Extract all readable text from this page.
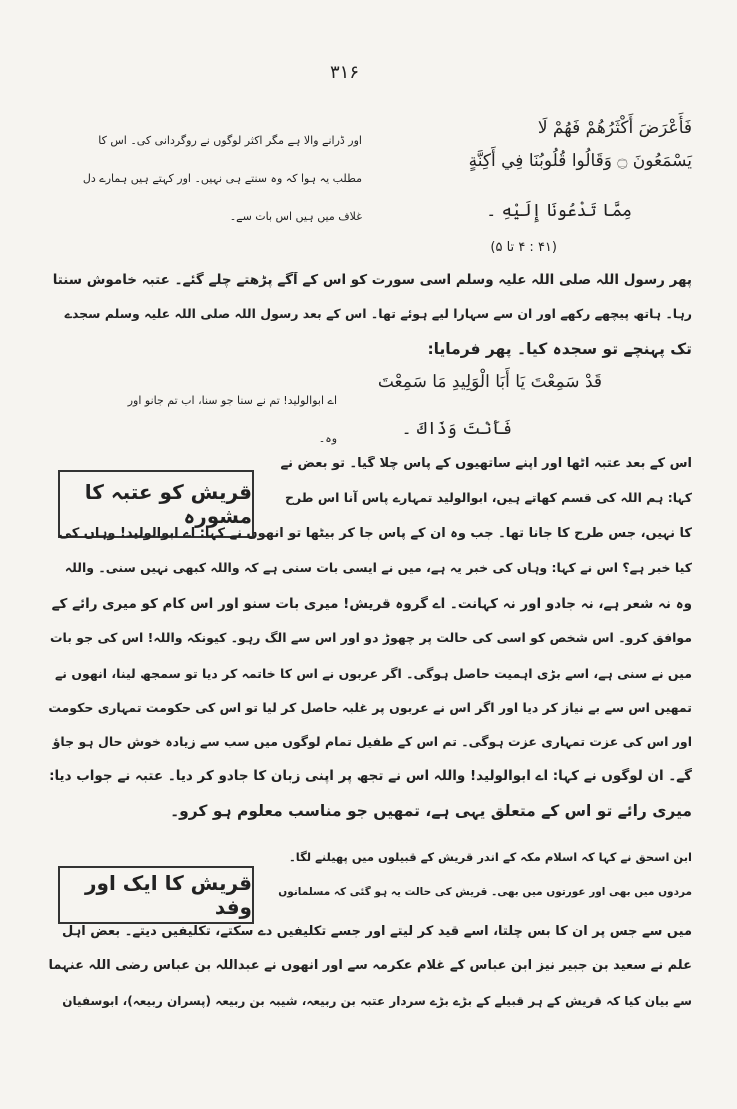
۳۱۶
فَأَعْرَضَ أَكْثَرُهُمْ فَهُمْ لَا
يَسْمَعُونَ ۝ وَقَالُوا قُلُوبُنَا فِي أَكِنَّةٍ
مِمَّا تَدْعُونَا إِلَيْهِ ۔
(۴۱ : ۴ تا ۵)
اور ڈرانے والا ہے مگر اکثر لوگوں نے روگردانی کی۔ اس کا مطلب یہ ہوا کہ وہ سنتے ہی نہیں۔ اور کہتے ہیں ہمارے دل غلاف میں ہیں اس بات سے۔
پھر رسول اللہ صلی اللہ علیہ وسلم اسی سورت کو اس کے آگے پڑھتے چلے گئے۔ عتبہ خاموش سنتا
رہا۔ ہاتھ پیچھے رکھے اور ان سے سہارا لیے ہوئے تھا۔ اس کے بعد رسول اللہ صلی اللہ علیہ وسلم سجدے
تک پہنچے تو سجدہ کیا۔ پھر فرمایا:
قَدْ سَمِعْتَ يَا أَبَا الْوَلِيدِ مَا سَمِعْتَ
فَأَنْتَ وَذَاكَ ۔
اے ابوالولید! تم نے سنا جو سنا، اب تم جانو اور وہ۔
قریش کو عتبہ کا مشورہ
اس کے بعد عتبہ اٹھا اور اپنے ساتھیوں کے پاس چلا گیا۔ تو بعض نے
کہا: ہم اللہ کی قسم کھاتے ہیں، ابوالولید تمہارے پاس آنا اس طرح
کا نہیں، جس طرح کا جانا تھا۔ جب وہ ان کے پاس جا کر بیٹھا تو انھوں نے کہا: اے ابوالولید! وہاں کی
کیا خبر ہے؟ اس نے کہا: وہاں کی خبر یہ ہے، میں نے ایسی بات سنی ہے کہ واللہ کبھی نہیں سنی۔ واللہ
وہ نہ شعر ہے، نہ جادو اور نہ کہانت۔ اے گروہ قریش! میری بات سنو اور اس کام کو میری رائے کے
موافق کرو۔ اس شخص کو اسی کی حالت پر چھوڑ دو اور اس سے الگ رہو۔ کیونکہ واللہ! اس کی جو بات
میں نے سنی ہے، اسے بڑی اہمیت حاصل ہوگی۔ اگر عربوں نے اس کا خاتمہ کر دیا تو سمجھ لینا، انھوں نے
تمھیں اس سے بے نیاز کر دیا اور اگر اس نے عربوں پر غلبہ حاصل کر لیا تو اس کی حکومت تمہاری حکومت
اور اس کی عزت تمہاری عزت ہوگی۔ تم اس کے طفیل تمام لوگوں میں سب سے زیادہ خوش حال ہو جاؤ
گے۔ ان لوگوں نے کہا: اے ابوالولید! واللہ اس نے تجھ پر اپنی زبان کا جادو کر دیا۔ عتبہ نے جواب دیا:
میری رائے تو اس کے متعلق یہی ہے، تمھیں جو مناسب معلوم ہو کرو۔
قریش کا ایک اور وفد
ابن اسحق نے کہا کہ اسلام مکہ کے اندر قریش کے قبیلوں میں پھیلنے لگا۔
مردوں میں بھی اور عورتوں میں بھی۔ قریش کی حالت یہ ہو گئی کہ مسلمانوں
میں سے جس پر ان کا بس چلتا، اسے قید کر لیتے اور جسے تکلیفیں دے سکتے، تکلیفیں دیتے۔ بعض اہل
علم نے سعید بن جبیر نیز ابن عباس کے غلام عکرمہ سے اور انھوں نے عبداللہ بن عباس رضی اللہ عنہما
سے بیان کیا کہ قریش کے ہر قبیلے کے بڑے بڑے سردار عتبہ بن ربیعہ، شیبہ بن ربیعہ (پسران ربیعہ)، ابوسفیان
